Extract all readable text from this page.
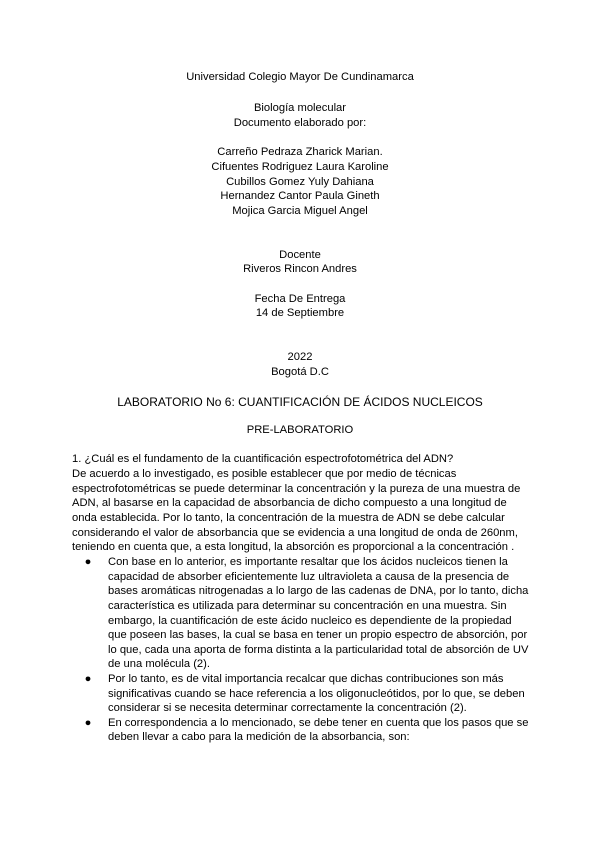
Universidad Colegio Mayor De Cundinamarca
Biología molecular
Documento elaborado por:
Carreño Pedraza Zharick Marian.
Cifuentes Rodriguez Laura Karoline
Cubillos Gomez Yuly Dahiana
Hernandez Cantor Paula Gineth
Mojica Garcia Miguel Angel
Docente
Riveros Rincon Andres
Fecha De Entrega
14 de Septiembre
2022
Bogotá D.C
LABORATORIO No 6: CUANTIFICACIÓN DE ÁCIDOS NUCLEICOS
PRE-LABORATORIO
1. ¿Cuál es el fundamento de la cuantificación espectrofotométrica del ADN?
De acuerdo a lo investigado, es posible establecer que por medio de técnicas
espectrofotométricas se puede determinar la concentración y la pureza de una muestra de
ADN, al basarse en la capacidad de absorbancia de dicho compuesto a una longitud de
onda establecida. Por lo tanto, la concentración de la muestra de ADN se debe calcular
considerando el valor de absorbancia que se evidencia a una longitud de onda de 260nm,
teniendo en cuenta que, a esta longitud, la absorción es proporcional a la concentración .
● Con base en lo anterior, es importante resaltar que los ácidos nucleicos tienen la
capacidad de absorber eficientemente luz ultravioleta a causa de la presencia de
bases aromáticas nitrogenadas a lo largo de las cadenas de DNA, por lo tanto, dicha
característica es utilizada para determinar su concentración en una muestra. Sin
embargo, la cuantificación de este ácido nucleico es dependiente de la propiedad
que poseen las bases, la cual se basa en tener un propio espectro de absorción, por
lo que, cada una aporta de forma distinta a la particularidad total de absorción de UV
de una molécula (2).
● Por lo tanto, es de vital importancia recalcar que dichas contribuciones son más
significativas cuando se hace referencia a los oligonucleótidos, por lo que, se deben
considerar si se necesita determinar correctamente la concentración (2).
● En correspondencia a lo mencionado, se debe tener en cuenta que los pasos que se
deben llevar a cabo para la medición de la absorbancia, son:
